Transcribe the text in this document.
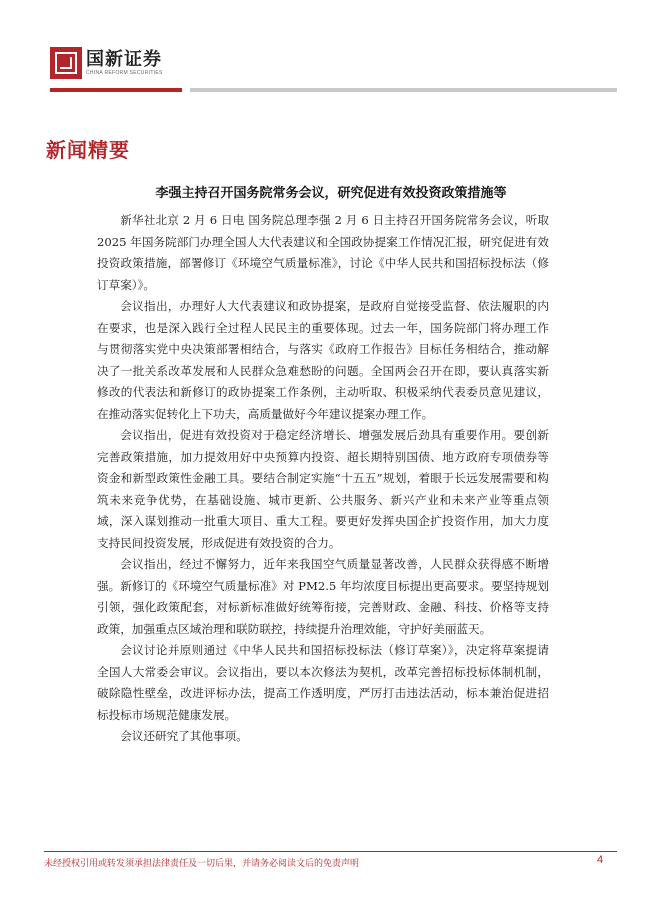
国新证券
CHINA REFORM SECURITIES
新闻精要
李强主持召开国务院常务会议，研究促进有效投资政策措施等

新华社北京 2 月 6 日电 国务院总理李强 2 月 6 日主持召开国务院常务会议，听取 2025 年国务院部门办理全国人大代表建议和全国政协提案工作情况汇报，研究促进有效投资政策措施，部署修订《环境空气质量标准》，讨论《中华人民共和国招标投标法（修订草案）》。

会议指出，办理好人大代表建议和政协提案，是政府自觉接受监督、依法履职的内在要求，也是深入践行全过程人民民主的重要体现。过去一年，国务院部门将办理工作与贯彻落实党中央决策部署相结合，与落实《政府工作报告》目标任务相结合，推动解决了一批关系改革发展和人民群众急难愁盼的问题。全国两会召开在即，要认真落实新修改的代表法和新修订的政协提案工作条例，主动听取、积极采纳代表委员意见建议，在推动落实促转化上下功夫，高质量做好今年建议提案办理工作。

会议指出，促进有效投资对于稳定经济增长、增强发展后劲具有重要作用。要创新完善政策措施，加力提效用好中央预算内投资、超长期特别国债、地方政府专项债券等资金和新型政策性金融工具。要结合制定实施“十五五”规划，着眼于长远发展需要和构筑未来竞争优势，在基础设施、城市更新、公共服务、新兴产业和未来产业等重点领域，深入谋划推动一批重大项目、重大工程。要更好发挥央国企扩投资作用，加大力度支持民间投资发展，形成促进有效投资的合力。

会议指出，经过不懈努力，近年来我国空气质量显著改善，人民群众获得感不断增强。新修订的《环境空气质量标准》对 PM2.5 年均浓度目标提出更高要求。要坚持规划引领，强化政策配套，对标新标准做好统筹衔接，完善财政、金融、科技、价格等支持政策，加强重点区域治理和联防联控，持续提升治理效能，守护好美丽蓝天。

会议讨论并原则通过《中华人民共和国招标投标法（修订草案）》，决定将草案提请全国人大常委会审议。会议指出，要以本次修法为契机，改革完善招标投标体制机制，破除隐性壁垒，改进评标办法，提高工作透明度，严厉打击违法活动，标本兼治促进招标投标市场规范健康发展。

会议还研究了其他事项。

未经授权引用或转发须承担法律责任及一切后果，并请务必阅读文后的免责声明	4
